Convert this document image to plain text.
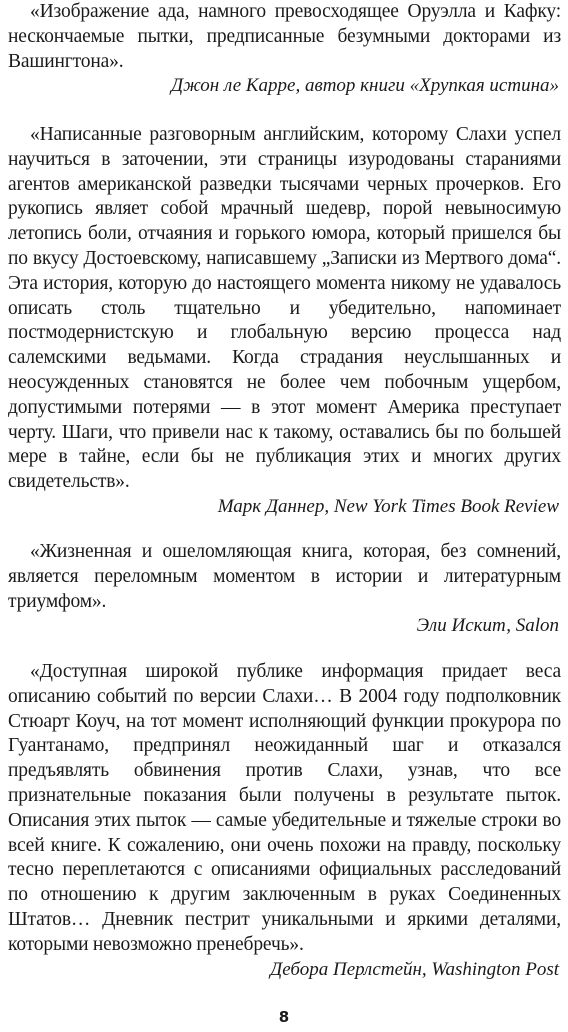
«Изображение ада, намного превосходящее Оруэлла и Кафку: нескончаемые пытки, предписанные безумными докторами из Вашингтона».

Джон ле Карре, автор книги «Хрупкая истина»

«Написанные разговорным английским, которому Слахи успел научиться в заточении, эти страницы изуродованы стараниями агентов американской разведки тысячами черных прочерков. Его рукопись являет собой мрачный шедевр, порой невыносимую летопись боли, отчаяния и горького юмора, который пришелся бы по вкусу Достоевскому, написавшему „Записки из Мертвого дома“. Эта история, которую до настоящего момента никому не удавалось описать столь тщательно и убедительно, напоминает постмодернистскую и глобальную версию процесса над салемскими ведьмами. Когда страдания неуслышанных и неосужденных становятся не более чем побочным ущербом, допустимыми потерями — в этот момент Америка преступает черту. Шаги, что привели нас к такому, оставались бы по большей мере в тайне, если бы не публикация этих и многих других свидетельств».

Марк Даннер, New York Times Book Review

«Жизненная и ошеломляющая книга, которая, без сомнений, является переломным моментом в истории и литературным триумфом».

Эли Искит, Salon

«Доступная широкой публике информация придает веса описанию событий по версии Слахи… В 2004 году подполковник Стюарт Коуч, на тот момент исполняющий функции прокурора по Гуантанамо, предпринял неожиданный шаг и отказался предъявлять обвинения против Слахи, узнав, что все признательные показания были получены в результате пыток. Описания этих пыток — самые убедительные и тяжелые строки во всей книге. К сожалению, они очень похожи на правду, поскольку тесно переплетаются с описаниями официальных расследований по отношению к другим заключенным в руках Соединенных Штатов… Дневник пестрит уникальными и яркими деталями, которыми невозможно пренебречь».

Дебора Перлстейн, Washington Post

8
